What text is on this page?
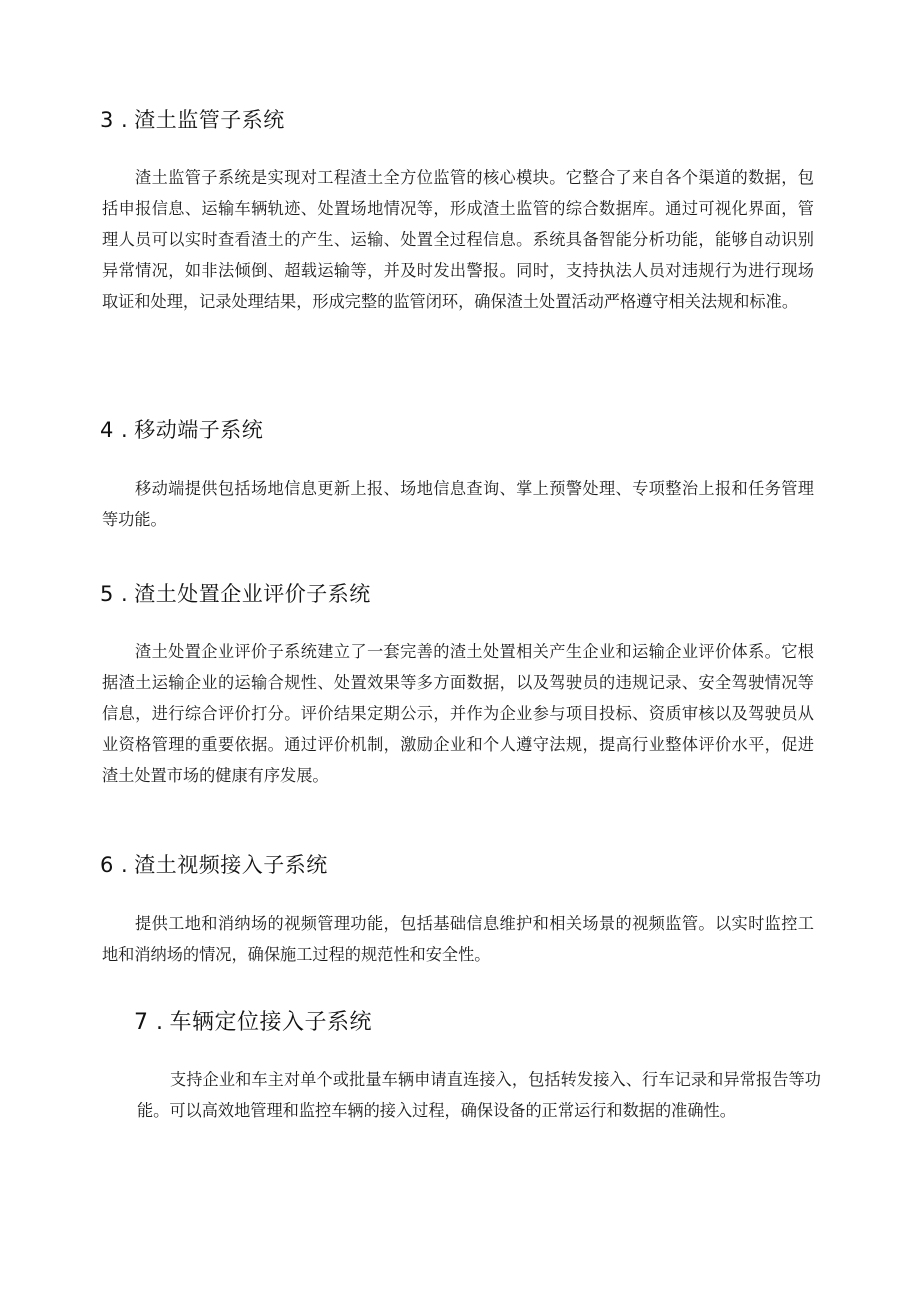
3 . 渣土监管子系统

渣土监管子系统是实现对工程渣土全方位监管的核心模块。它整合了来自各个渠道的数据，包括申报信息、运输车辆轨迹、处置场地情况等，形成渣土监管的综合数据库。通过可视化界面，管理人员可以实时查看渣土的产生、运输、处置全过程信息。系统具备智能分析功能，能够自动识别异常情况，如非法倾倒、超载运输等，并及时发出警报。同时，支持执法人员对违规行为进行现场取证和处理，记录处理结果，形成完整的监管闭环，确保渣土处置活动严格遵守相关法规和标准。

4 . 移动端子系统

移动端提供包括场地信息更新上报、场地信息查询、掌上预警处理、专项整治上报和任务管理等功能。

5 . 渣土处置企业评价子系统

渣土处置企业评价子系统建立了一套完善的渣土处置相关产生企业和运输企业评价体系。它根据渣土运输企业的运输合规性、处置效果等多方面数据，以及驾驶员的违规记录、安全驾驶情况等信息，进行综合评价打分。评价结果定期公示，并作为企业参与项目投标、资质审核以及驾驶员从业资格管理的重要依据。通过评价机制，激励企业和个人遵守法规，提高行业整体评价水平，促进渣土处置市场的健康有序发展。

6 . 渣土视频接入子系统

提供工地和消纳场的视频管理功能，包括基础信息维护和相关场景的视频监管。以实时监控工地和消纳场的情况，确保施工过程的规范性和安全性。

7 . 车辆定位接入子系统

支持企业和车主对单个或批量车辆申请直连接入，包括转发接入、行车记录和异常报告等功能。可以高效地管理和监控车辆的接入过程，确保设备的正常运行和数据的准确性。
